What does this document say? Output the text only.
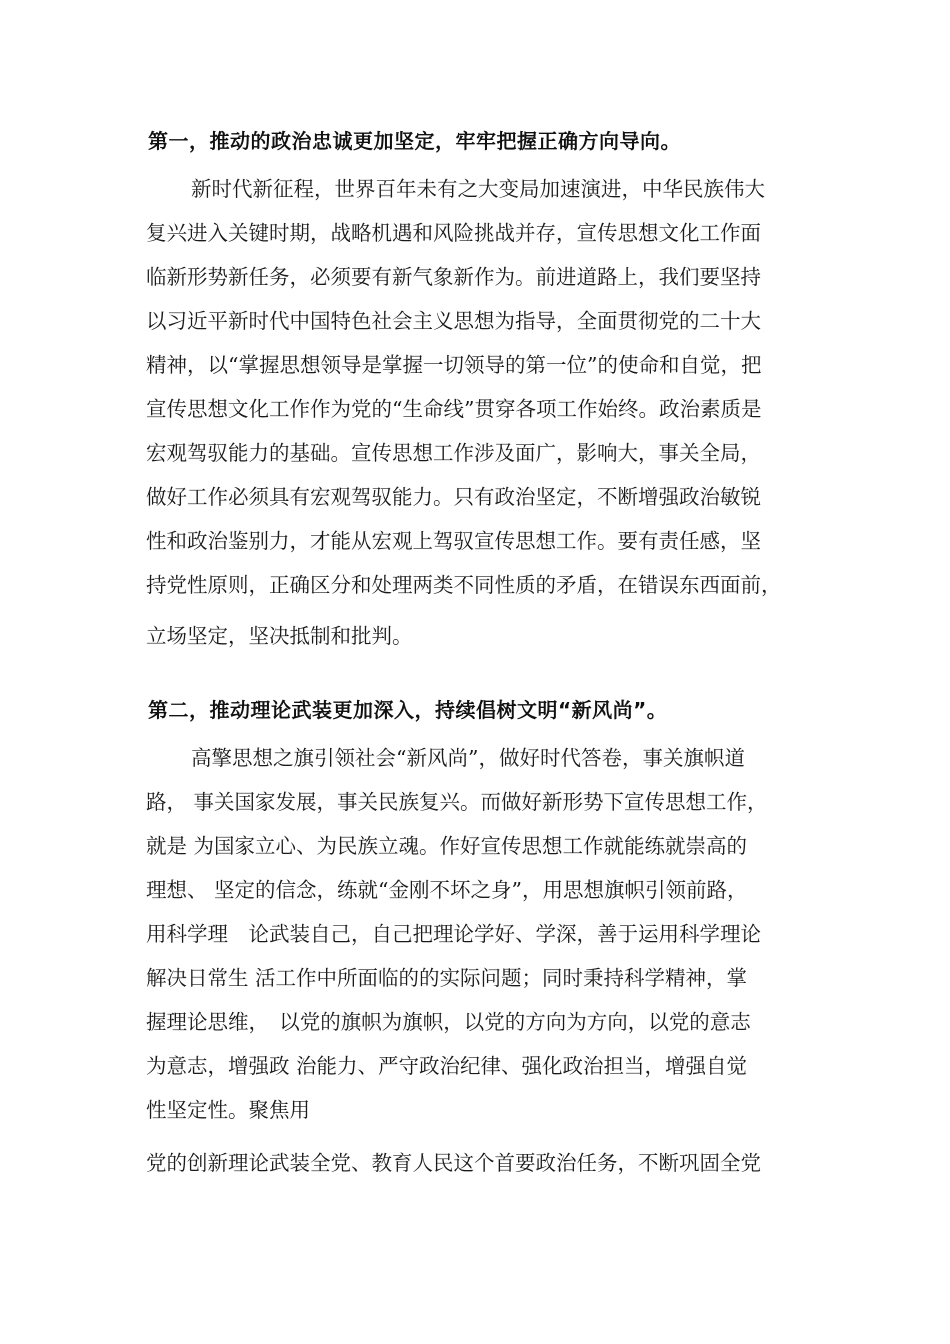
第一，推动的政治忠诚更加坚定，牢牢把握正确方向导向。
新时代新征程，世界百年未有之大变局加速演进，中华民族伟大
复兴进入关键时期，战略机遇和风险挑战并存，宣传思想文化工作面
临新形势新任务，必须要有新气象新作为。前进道路上，我们要坚持
以习近平新时代中国特色社会主义思想为指导，全面贯彻党的二十大
精神，以“掌握思想领导是掌握一切领导的第一位”的使命和自觉，把
宣传思想文化工作作为党的“生命线”贯穿各项工作始终。政治素质是
宏观驾驭能力的基础。宣传思想工作涉及面广，影响大，事关全局，
做好工作必须具有宏观驾驭能力。只有政治坚定，不断增强政治敏锐
性和政治鉴别力，才能从宏观上驾驭宣传思想工作。要有责任感，坚
持党性原则，正确区分和处理两类不同性质的矛盾，在错误东西面前，
立场坚定，坚决抵制和批判。
第二，推动理论武装更加深入，持续倡树文明“新风尚”。
高擎思想之旗引领社会“新风尚”，做好时代答卷，事关旗帜道
路， 事关国家发展，事关民族复兴。而做好新形势下宣传思想工作，
就是 为国家立心、为民族立魂。作好宣传思想工作就能练就崇高的
理想、 坚定的信念，练就“金刚不坏之身”，用思想旗帜引领前路，
用科学理　论武装自己，自己把理论学好、学深，善于运用科学理论
解决日常生 活工作中所面临的的实际问题；同时秉持科学精神，掌
握理论思维，　以党的旗帜为旗帜，以党的方向为方向，以党的意志
为意志，增强政 治能力、严守政治纪律、强化政治担当，增强自觉
性坚定性。聚焦用
党的创新理论武装全党、教育人民这个首要政治任务，不断巩固全党
